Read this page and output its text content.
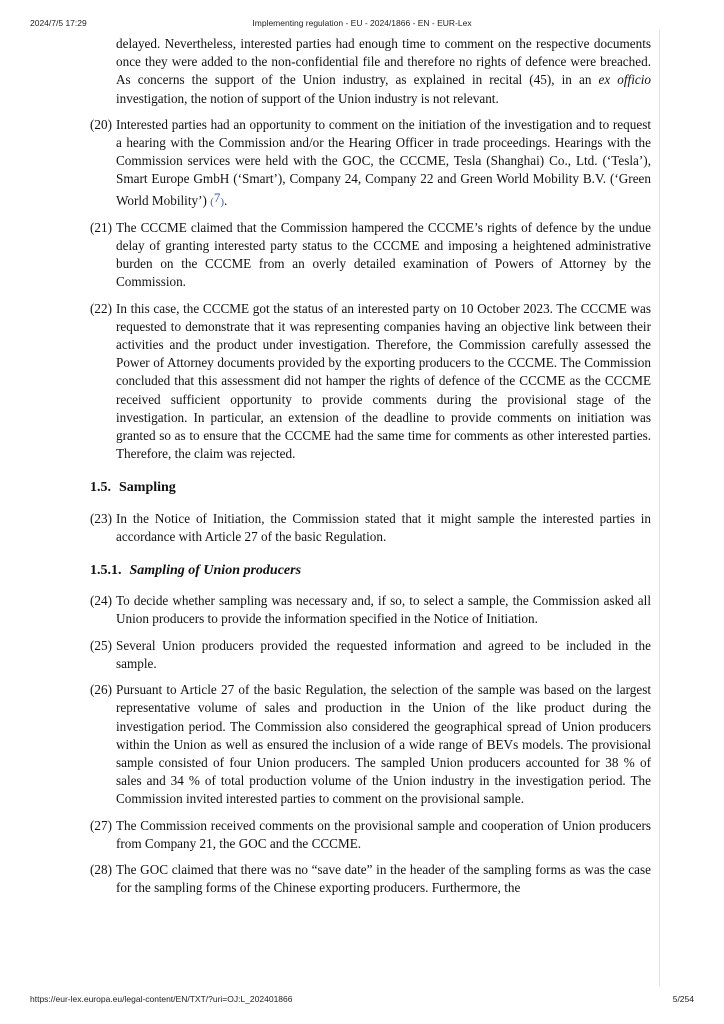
2024/7/5 17:29	Implementing regulation - EU - 2024/1866 - EN - EUR-Lex
delayed. Nevertheless, interested parties had enough time to comment on the respective documents once they were added to the non-confidential file and therefore no rights of defence were breached. As concerns the support of the Union industry, as explained in recital (45), in an ex officio investigation, the notion of support of the Union industry is not relevant.
(20) Interested parties had an opportunity to comment on the initiation of the investigation and to request a hearing with the Commission and/or the Hearing Officer in trade proceedings. Hearings with the Commission services were held with the GOC, the CCCME, Tesla (Shanghai) Co., Ltd. (‘Tesla’), Smart Europe GmbH (‘Smart’), Company 24, Company 22 and Green World Mobility B.V. (‘Green World Mobility’) ($^7$).
(21) The CCCME claimed that the Commission hampered the CCCME’s rights of defence by the undue delay of granting interested party status to the CCCME and imposing a heightened administrative burden on the CCCME from an overly detailed examination of Powers of Attorney by the Commission.
(22) In this case, the CCCME got the status of an interested party on 10 October 2023. The CCCME was requested to demonstrate that it was representing companies having an objective link between their activities and the product under investigation. Therefore, the Commission carefully assessed the Power of Attorney documents provided by the exporting producers to the CCCME. The Commission concluded that this assessment did not hamper the rights of defence of the CCCME as the CCCME received sufficient opportunity to provide comments during the provisional stage of the investigation. In particular, an extension of the deadline to provide comments on initiation was granted so as to ensure that the CCCME had the same time for comments as other interested parties. Therefore, the claim was rejected.
1.5. Sampling
(23) In the Notice of Initiation, the Commission stated that it might sample the interested parties in accordance with Article 27 of the basic Regulation.
1.5.1. Sampling of Union producers
(24) To decide whether sampling was necessary and, if so, to select a sample, the Commission asked all Union producers to provide the information specified in the Notice of Initiation.
(25) Several Union producers provided the requested information and agreed to be included in the sample.
(26) Pursuant to Article 27 of the basic Regulation, the selection of the sample was based on the largest representative volume of sales and production in the Union of the like product during the investigation period. The Commission also considered the geographical spread of Union producers within the Union as well as ensured the inclusion of a wide range of BEVs models. The provisional sample consisted of four Union producers. The sampled Union producers accounted for 38 % of sales and 34 % of total production volume of the Union industry in the investigation period. The Commission invited interested parties to comment on the provisional sample.
(27) The Commission received comments on the provisional sample and cooperation of Union producers from Company 21, the GOC and the CCCME.
(28) The GOC claimed that there was no “save date” in the header of the sampling forms as was the case for the sampling forms of the Chinese exporting producers. Furthermore, the
https://eur-lex.europa.eu/legal-content/EN/TXT/?uri=OJ:L_202401866	5/254
